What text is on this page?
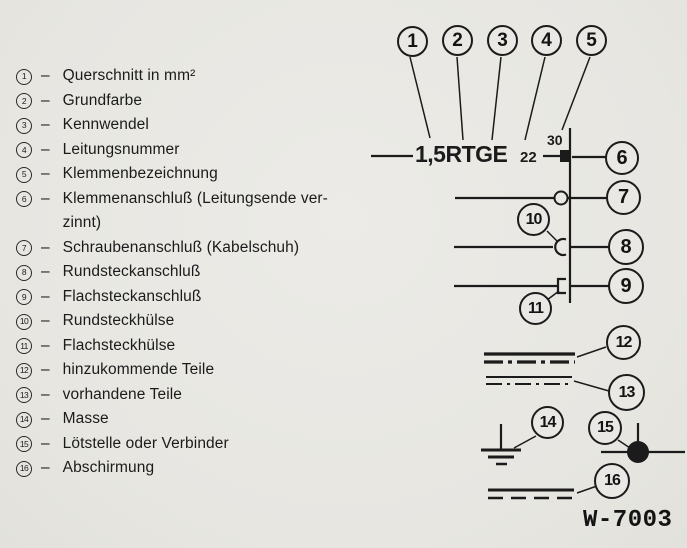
1 – Querschnitt in mm²
2 – Grundfarbe
3 – Kennwendel
4 – Leitungsnummer
5 – Klemmenbezeichnung
6 – Klemmenanschluß (Leitungsende ver-
zinnt)
7 – Schraubenanschluß (Kabelschuh)
8 – Rundsteckanschluß
9 – Flachsteckanschluß
10 – Rundsteckhülse
11 – Flachsteckhülse
12 – hinzukommende Teile
13 – vorhandene Teile
14 – Masse
15 – Lötstelle oder Verbinder
16 – Abschirmung
1	2	3	4	5
6
7
8
9
10
11
12
13
14	15
16
1,5RTGE 22
30
W-7003
